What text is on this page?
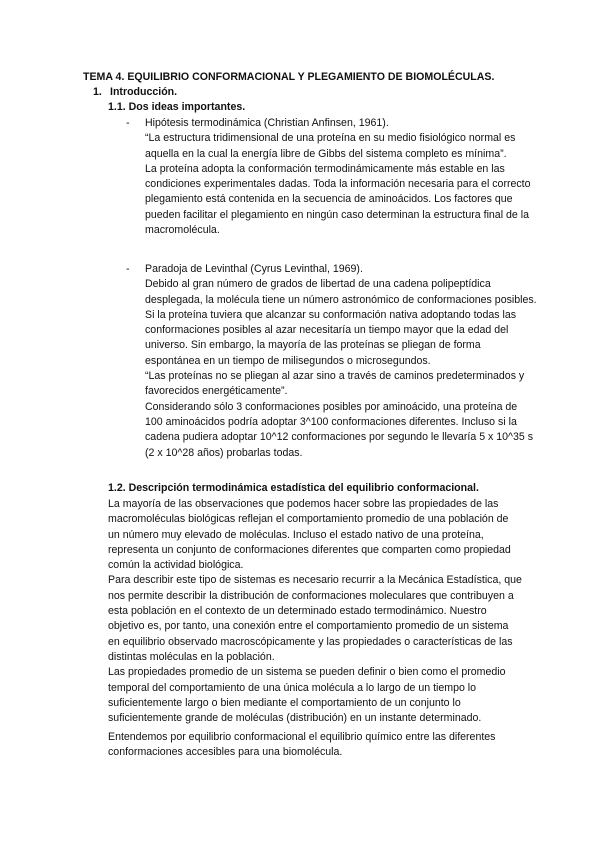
TEMA 4. EQUILIBRIO CONFORMACIONAL Y PLEGAMIENTO DE BIOMOLÉCULAS.
1. Introducción.
1.1. Dos ideas importantes.
- Hipótesis termodinámica (Christian Anfinsen, 1961).

“La estructura tridimensional de una proteína en su medio fisiológico normal es aquella en la cual la energía libre de Gibbs del sistema completo es mínima”.

La proteína adopta la conformación termodinámicamente más estable en las condiciones experimentales dadas. Toda la información necesaria para el correcto plegamiento está contenida en la secuencia de aminoácidos. Los factores que pueden facilitar el plegamiento en ningún caso determinan la estructura final de la macromolécula.

- Paradoja de Levinthal (Cyrus Levinthal, 1969).

Debido al gran número de grados de libertad de una cadena polipeptídica desplegada, la molécula tiene un número astronómico de conformaciones posibles.

Si la proteína tuviera que alcanzar su conformación nativa adoptando todas las conformaciones posibles al azar necesitaría un tiempo mayor que la edad del universo. Sin embargo, la mayoría de las proteínas se pliegan de forma espontánea en un tiempo de milisegundos o microsegundos.

“Las proteínas no se pliegan al azar sino a través de caminos predeterminados y favorecidos energéticamente”.

Considerando sólo 3 conformaciones posibles por aminoácido, una proteína de 100 aminoácidos podría adoptar 3^100 conformaciones diferentes. Incluso si la cadena pudiera adoptar 10^12 conformaciones por segundo le llevaría 5 x 10^35 s (2 x 10^28 años) probarlas todas.

1.2. Descripción termodinámica estadística del equilibrio conformacional.

La mayoría de las observaciones que podemos hacer sobre las propiedades de las macromoléculas biológicas reflejan el comportamiento promedio de una población de un número muy elevado de moléculas. Incluso el estado nativo de una proteína, representa un conjunto de conformaciones diferentes que comparten como propiedad común la actividad biológica.

Para describir este tipo de sistemas es necesario recurrir a la Mecánica Estadística, que nos permite describir la distribución de conformaciones moleculares que contribuyen a esta población en el contexto de un determinado estado termodinámico. Nuestro objetivo es, por tanto, una conexión entre el comportamiento promedio de un sistema en equilibrio observado macroscópicamente y las propiedades o características de las distintas moléculas en la población.

Las propiedades promedio de un sistema se pueden definir o bien como el promedio temporal del comportamiento de una única molécula a lo largo de un tiempo lo suficientemente largo o bien mediante el comportamiento de un conjunto lo suficientemente grande de moléculas (distribución) en un instante determinado.

Entendemos por equilibrio conformacional el equilibrio químico entre las diferentes conformaciones accesibles para una biomolécula.
